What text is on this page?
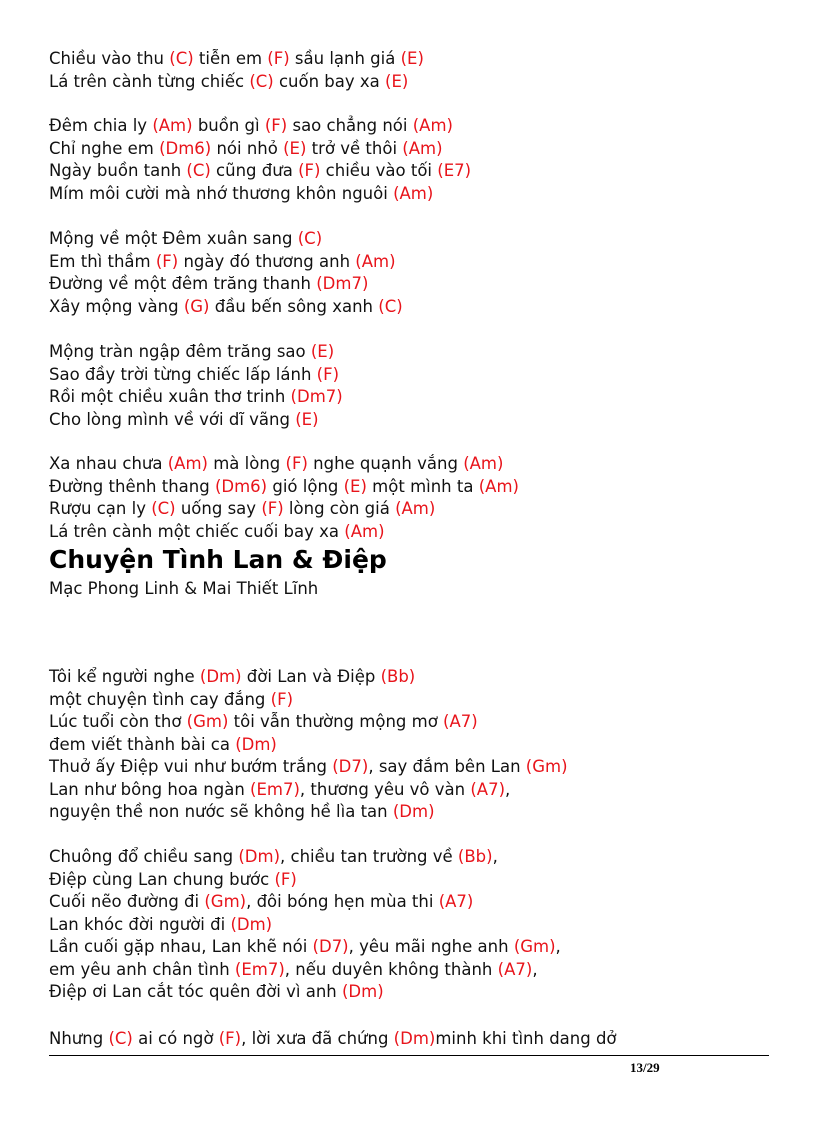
Chiều vào thu (C) tiễn em (F) sầu lạnh giá (E)
Lá trên cành từng chiếc (C) cuốn bay xa (E)
Đêm chia ly (Am) buồn gì (F) sao chẳng nói (Am)
Chỉ nghe em (Dm6) nói nhỏ (E) trở về thôi (Am)
Ngày buồn tanh (C) cũng đưa (F) chiều vào tối (E7)
Mím môi cười mà nhớ thương khôn nguôi (Am)
Mộng về một Đêm xuân sang (C)
Em thì thầm (F) ngày đó thương anh (Am)
Đường về một đêm trăng thanh (Dm7)
Xây mộng vàng (G) đầu bến sông xanh (C)
Mộng tràn ngập đêm trăng sao (E)
Sao đầy trời từng chiếc lấp lánh (F)
Rồi một chiều xuân thơ trinh (Dm7)
Cho lòng mình về với dĩ vãng (E)
Xa nhau chưa (Am) mà lòng (F) nghe quạnh vắng (Am)
Đường thênh thang (Dm6) gió lộng (E) một mình ta (Am)
Rượu cạn ly (C) uống say (F) lòng còn giá (Am)
Lá trên cành một chiếc cuối bay xa (Am)
Chuyện Tình Lan & Điệp
Mạc Phong Linh & Mai Thiết Lĩnh
Tôi kể người nghe (Dm) đời Lan và Điệp (Bb)
một chuyện tình cay đắng (F)
Lúc tuổi còn thơ (Gm) tôi vẫn thường mộng mơ (A7)
đem viết thành bài ca (Dm)
Thuở ấy Điệp vui như bướm trắng (D7), say đắm bên Lan (Gm)
Lan như bông hoa ngàn (Em7), thương yêu vô vàn (A7),
nguyện thề non nước sẽ không hề lìa tan (Dm)
Chuông đổ chiều sang (Dm), chiều tan trường về (Bb),
Điệp cùng Lan chung bước (F)
Cuối nẽo đường đi (Gm), đôi bóng hẹn mùa thi (A7)
Lan khóc đời người đi (Dm)
Lần cuối gặp nhau, Lan khẽ nói (D7), yêu mãi nghe anh (Gm),
em yêu anh chân tình (Em7), nếu duyên không thành (A7),
Điệp ơi Lan cắt tóc quên đời vì anh (Dm)
Nhưng (C) ai có ngờ (F), lời xưa đã chứng (Dm)minh khi tình dang dở
13/29
